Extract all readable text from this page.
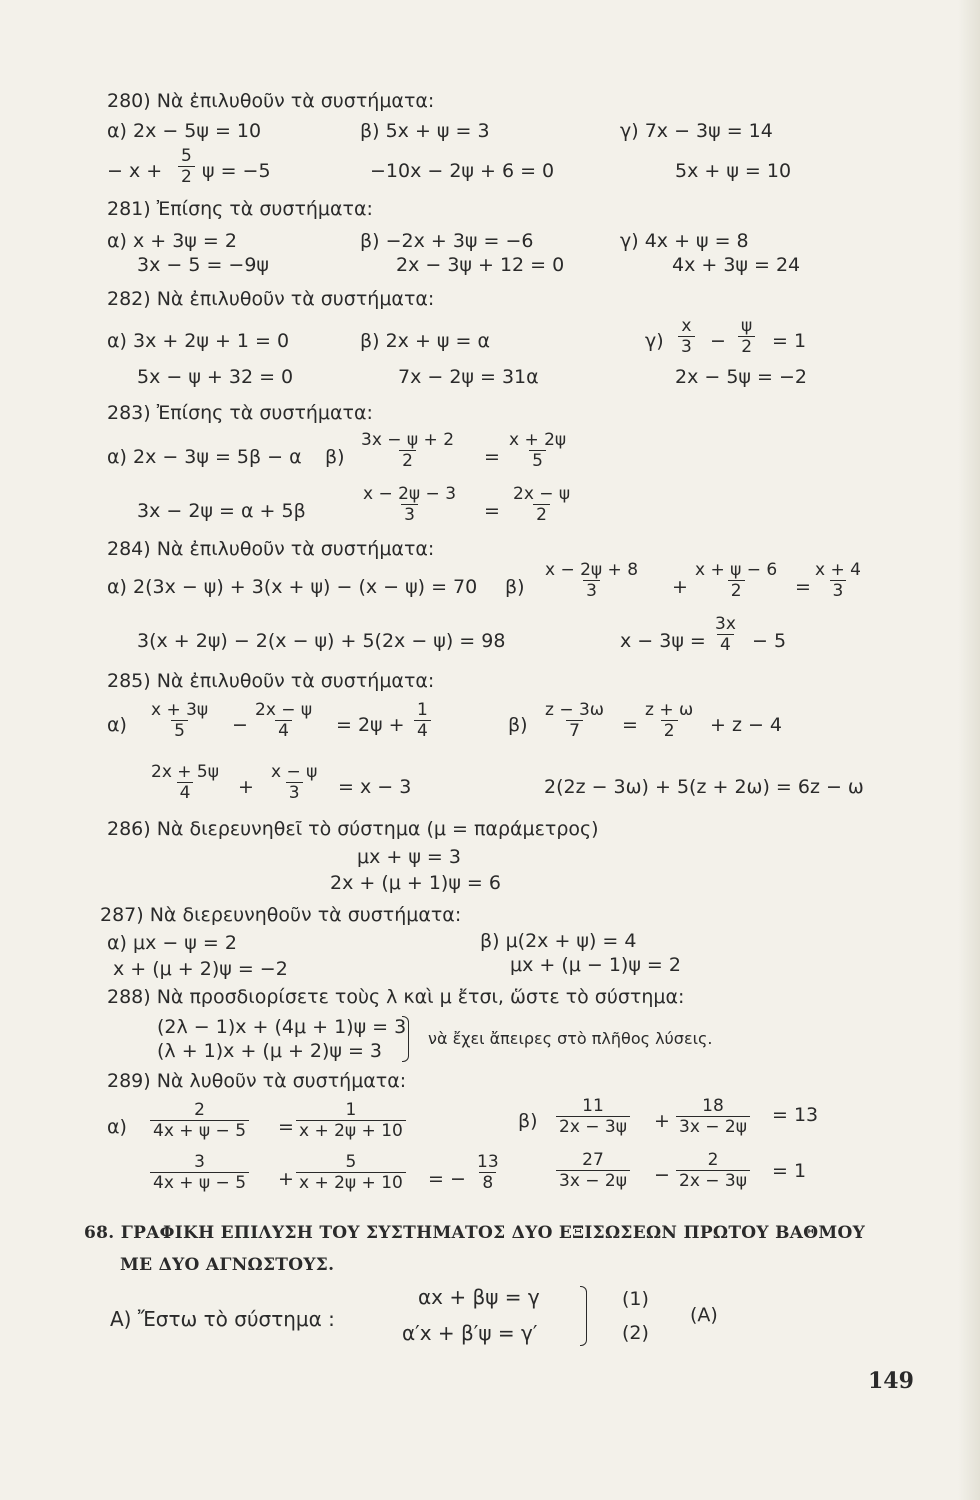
280) Νὰ ἐπιλυθοῦν τὰ συστήματα:
α) 2x − 5ψ = 10	β) 5x + ψ = 3	γ) 7x − 3ψ = 14
− $x + \frac{5}{2}$ ψ = −5	−10x − 2ψ + 6 = 0	5x + ψ = 10
281) Ἐπίσης τὰ συστήματα:
α) x + 3ψ = 2	β) −2x + 3ψ = −6	γ) 4x + ψ = 8
3x − 5 = −9ψ	2x − 3ψ + 12 = 0	4x + 3ψ = 24
282) Νὰ ἐπιλυθοῦν τὰ συστήματα:
α) 3x + 2ψ + 1 = 0	β) 2x + ψ = α	$\gamma) \frac{x}{3} - \frac{\psi}{2} = 1$
5x − ψ + 32 = 0	7x − 2ψ = 31α	2x − 5ψ = −2
283) Ἐπίσης τὰ συστήματα:
α) 2x − 3ψ = 5β − α $\beta) \frac{3x - \psi + 2}{2} = \frac{x + 2\psi}{5}$
3x − 2ψ = α + 5β	$\frac{x - 2\psi - 3}{3} = \frac{2x - \psi}{2}$
284) Νὰ ἐπιλυθοῦν τὰ συστήματα:
α) 2(3x − ψ) + 3(x + ψ) − (x − ψ) = 70 $\beta) \frac{x - 2\psi + 8}{3} + \frac{x + \psi - 6}{2} = \frac{x + 4}{3}$
3(x + 2ψ) − 2(x − ψ) + 5(2x − ψ) = 98	$x - 3\psi = \frac{3x}{4} - 5$
285) Νὰ ἐπιλυθοῦν τὰ συστήματα:
$\alpha) \frac{x + 3\psi}{5} - \frac{2x - \psi}{4} = 2\psi + \frac{1}{4}$	$\beta) \frac{z - 3\omega}{7} = \frac{z + \omega}{2} + z - 4$
$\frac{2x + 5\psi}{4} + \frac{x - \psi}{3} = x - 3$	2(2z − 3ω) + 5(z + 2ω) = 6z − ω
286) Νὰ διερευνηθεῖ τὸ σύστημα (μ = παράμετρος)
μx + ψ = 3
2x + (μ + 1)ψ = 6
287) Νὰ διερευνηθοῦν τὰ συστήματα:
α) μx − ψ = 2	β) μ(2x + ψ) = 4
x + (μ + 2)ψ = −2	μx + (μ − 1)ψ = 2
288) Νὰ προσδιορίσετε τοὺς λ καὶ μ ἔτσι, ὥστε τὸ σύστημα:
(2λ − 1)x + (4μ + 1)ψ = 3
(λ + 1)x + (μ + 2)ψ = 3
νὰ ἔχει ἄπειρες στὸ πλῆθος λύσεις.
289) Νὰ λυθοῦν τὰ συστήματα:
$\alpha) \frac{2}{4x + \psi - 5} = \frac{1}{x + 2\psi + 10}$	$\beta) \frac{11}{2x - 3\psi} + \frac{18}{3x - 2\psi} = 13$
$\frac{3}{4x + \psi - 5} + \frac{5}{x + 2\psi + 10}$ = − $\frac{13}{8}$	$\frac{27}{3x - 2\psi} - \frac{2}{2x - 3\psi} = 1$
68. ΓΡΑΦΙΚΗ ΕΠΙΛΥΣΗ ΤΟΥ ΣΥΣΤΗΜΑΤΟΣ ΔΥΟ ΕΞΙΣΩΣΕΩΝ ΠΡΩΤΟΥ ΒΑΘΜΟΥ
ΜΕ ΔΥΟ ΑΓΝΩΣΤΟΥΣ.
Α) Ἔστω τὸ σύστημα :
αx + βψ = γ
α′x + β′ψ = γ′
(1)
(2)
(Α)
149
